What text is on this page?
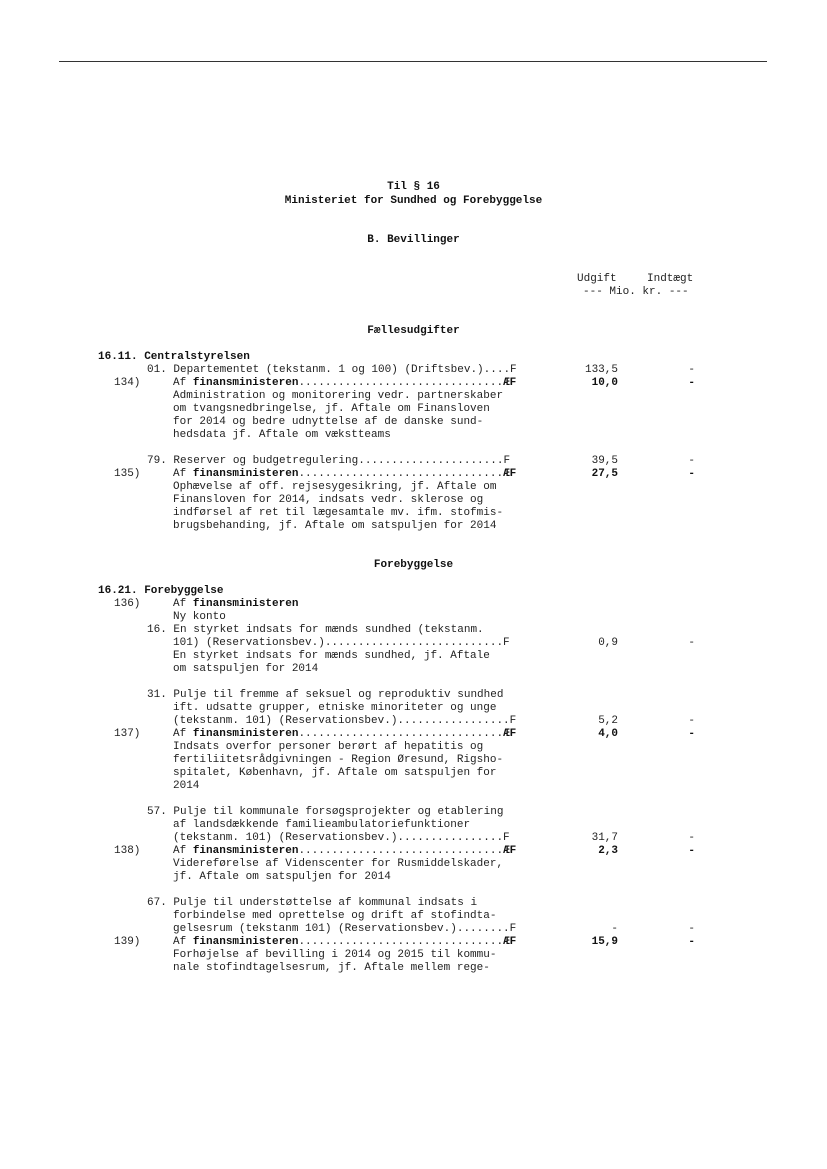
Til § 16
Ministeriet for Sundhed og Forebyggelse
B. Bevillinger
Udgift	Indtægt
--- Mio. kr. ---
Fællesudgifter
16.11. Centralstyrelsen
01. Departementet (tekstanm. 1 og 100) (Driftsbev.)....F	133,5	-
134)	Af finansministeren...............................ÆF	10,0	-
Administration og monitorering vedr. partnerskaber
om tvangsnedbringelse, jf. Aftale om Finansloven
for 2014 og bedre udnyttelse af de danske sund-
hedsdata jf. Aftale om vækstteams
79. Reserver og budgetregulering......................F	39,5	-
135)	Af finansministeren...............................ÆF	27,5	-
Ophævelse af off. rejsesygesikring, jf. Aftale om
Finansloven for 2014, indsats vedr. sklerose og
indførsel af ret til lægesamtale mv. ifm. stofmis-
brugsbehanding, jf. Aftale om satspuljen for 2014
Forebyggelse
16.21. Forebyggelse
136)	Af finansministeren
Ny konto
16. En styrket indsats for mænds sundhed (tekstanm.
101) (Reservationsbev.)...........................F	0,9	-
En styrket indsats for mænds sundhed, jf. Aftale
om satspuljen for 2014
31. Pulje til fremme af seksuel og reproduktiv sundhed
ift. udsatte grupper, etniske minoriteter og unge
(tekstanm. 101) (Reservationsbev.).................F	5,2	-
137)	Af finansministeren...............................ÆF	4,0	-
Indsats overfor personer berørt af hepatitis og
fertiliitetsrådgivningen - Region Øresund, Rigsho-
spitalet, København, jf. Aftale om satspuljen for
2014
57. Pulje til kommunale forsøgsprojekter og etablering
af landsdækkende familieambulatoriefunktioner
(tekstanm. 101) (Reservationsbev.)................F	31,7	-
138)	Af finansministeren...............................ÆF	2,3	-
Videreførelse af Videnscenter for Rusmiddelskader,
jf. Aftale om satspuljen for 2014
67. Pulje til understøttelse af kommunal indsats i
forbindelse med oprettelse og drift af stofindta-
gelsesrum (tekstanm 101) (Reservationsbev.)........F	-	-
139)	Af finansministeren...............................ÆF	15,9	-
Forhøjelse af bevilling i 2014 og 2015 til kommu-
nale stofindtagelsesrum, jf. Aftale mellem rege-
